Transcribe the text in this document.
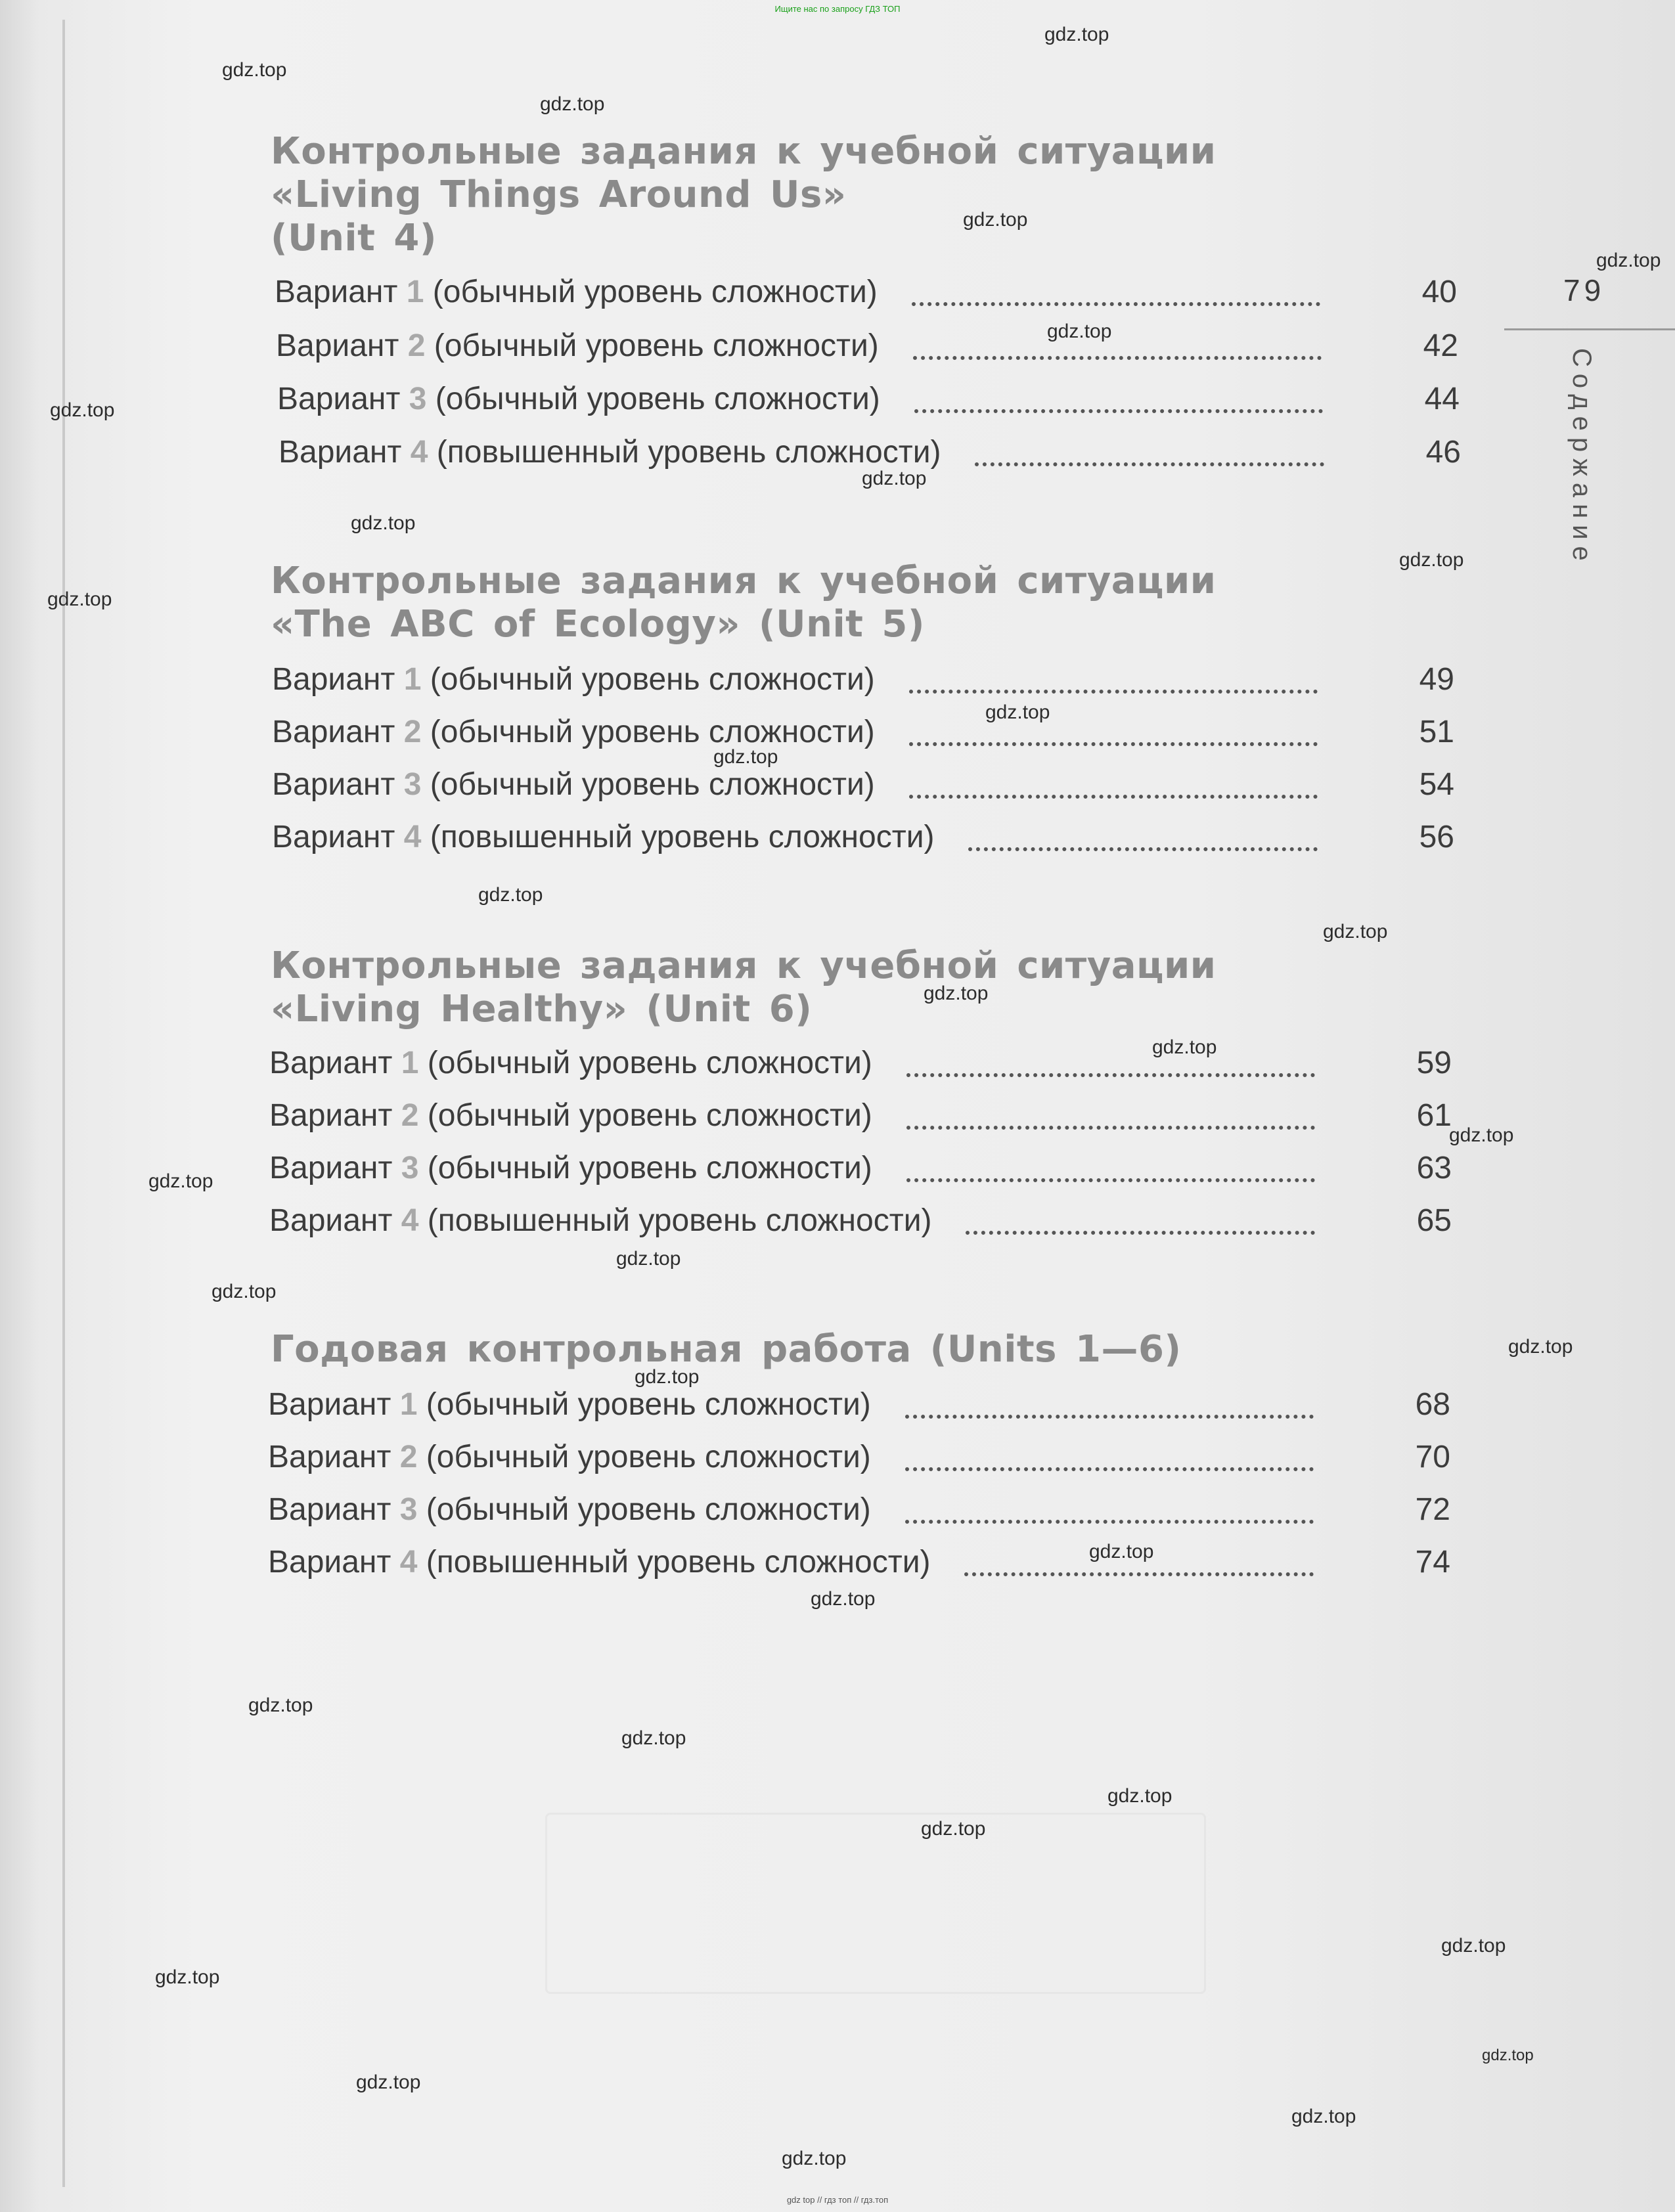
Ищите нас по запросу ГДЗ ТОП
Контрольные задания к учебной ситуации
«Living Things Around Us»
(Unit 4)
Вариант 1 (обычный уровень сложности)	40
Вариант 2 (обычный уровень сложности)	42
Вариант 3 (обычный уровень сложности)	44
Вариант 4 (повышенный уровень сложности)	46
Контрольные задания к учебной ситуации
«The ABC of Ecology» (Unit 5)
Вариант 1 (обычный уровень сложности)	49
Вариант 2 (обычный уровень сложности)	51
Вариант 3 (обычный уровень сложности)	54
Вариант 4 (повышенный уровень сложности)	56
Контрольные задания к учебной ситуации
«Living Healthy» (Unit 6)
Вариант 1 (обычный уровень сложности)	59
Вариант 2 (обычный уровень сложности)	61
Вариант 3 (обычный уровень сложности)	63
Вариант 4 (повышенный уровень сложности)	65
Годовая контрольная работа (Units 1—6)
Вариант 1 (обычный уровень сложности)	68
Вариант 2 (обычный уровень сложности)	70
Вариант 3 (обычный уровень сложности)	72
Вариант 4 (повышенный уровень сложности)	74
79
Содержание
gdz.top
gdz.top
gdz.top
gdz.top
gdz.top
gdz.top
gdz.top
gdz.top
gdz.top
gdz.top
gdz.top
gdz.top
gdz.top
gdz.top
gdz.top
gdz.top
gdz.top
gdz.top
gdz.top
gdz.top
gdz.top
gdz.top
gdz.top
gdz.top
gdz.top
gdz.top
gdz.top
gdz.top
gdz.top
gdz.top
gdz.top
gdz.top
gdz.top
gdz.top
gdz.top
gdz top // гдз топ // гдз.топ
